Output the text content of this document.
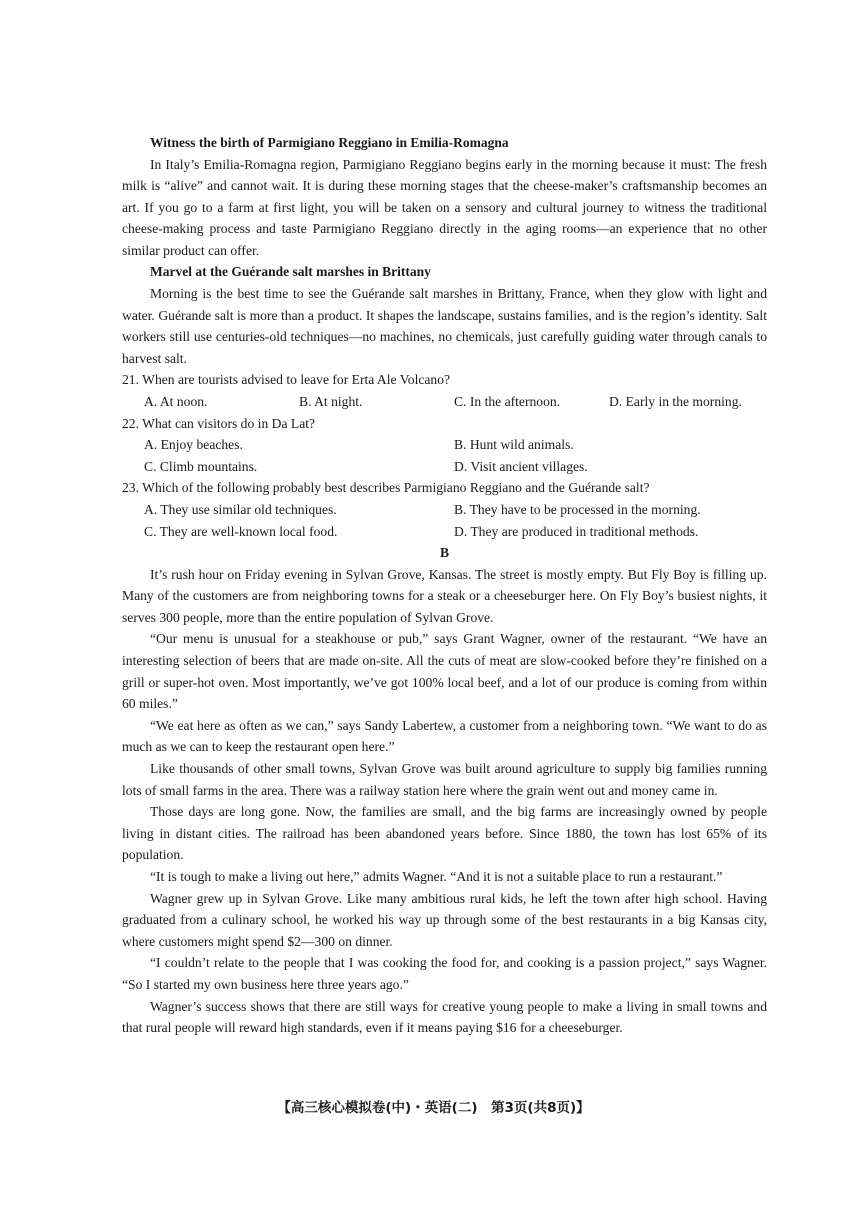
Witness the birth of Parmigiano Reggiano in Emilia-Romagna

In Italy’s Emilia-Romagna region, Parmigiano Reggiano begins early in the morning because it must: The fresh milk is “alive” and cannot wait. It is during these morning stages that the cheese-maker’s craftsmanship becomes an art. If you go to a farm at first light, you will be taken on a sensory and cultural journey to witness the traditional cheese-making process and taste Parmigiano Reggiano directly in the aging rooms—an experience that no other similar product can offer.

Marvel at the Guérande salt marshes in Brittany

Morning is the best time to see the Guérande salt marshes in Brittany, France, when they glow with light and water. Guérande salt is more than a product. It shapes the landscape, sustains families, and is the region’s identity. Salt workers still use centuries-old techniques—no machines, no chemicals, just carefully guiding water through canals to harvest salt.

21. When are tourists advised to leave for Erta Ale Volcano?
A. At noon.	B. At night.	C. In the afternoon.	D. Early in the morning.
22. What can visitors do in Da Lat?
A. Enjoy beaches.	B. Hunt wild animals.
C. Climb mountains.	D. Visit ancient villages.
23. Which of the following probably best describes Parmigiano Reggiano and the Guérande salt?
A. They use similar old techniques.	B. They have to be processed in the morning.
C. They are well-known local food.	D. They are produced in traditional methods.
B

It’s rush hour on Friday evening in Sylvan Grove, Kansas. The street is mostly empty. But Fly Boy is filling up. Many of the customers are from neighboring towns for a steak or a cheeseburger here. On Fly Boy’s busiest nights, it serves 300 people, more than the entire population of Sylvan Grove.

“Our menu is unusual for a steakhouse or pub,” says Grant Wagner, owner of the restaurant. “We have an interesting selection of beers that are made on-site. All the cuts of meat are slow-cooked before they’re finished on a grill or super-hot oven. Most importantly, we’ve got 100% local beef, and a lot of our produce is coming from within 60 miles.”

“We eat here as often as we can,” says Sandy Labertew, a customer from a neighboring town. “We want to do as much as we can to keep the restaurant open here.”

Like thousands of other small towns, Sylvan Grove was built around agriculture to supply big families running lots of small farms in the area. There was a railway station here where the grain went out and money came in.

Those days are long gone. Now, the families are small, and the big farms are increasingly owned by people living in distant cities. The railroad has been abandoned years before. Since 1880, the town has lost 65% of its population.

“It is tough to make a living out here,” admits Wagner. “And it is not a suitable place to run a restaurant.”

Wagner grew up in Sylvan Grove. Like many ambitious rural kids, he left the town after high school. Having graduated from a culinary school, he worked his way up through some of the best restaurants in a big Kansas city, where customers might spend $2—300 on dinner.

“I couldn’t relate to the people that I was cooking the food for, and cooking is a passion project,” says Wagner. “So I started my own business here three years ago.”

Wagner’s success shows that there are still ways for creative young people to make a living in small towns and that rural people will reward high standards, even if it means paying $16 for a cheeseburger.

【高三核心模拟卷(中)・英语(二)　第3页(共8页)】
